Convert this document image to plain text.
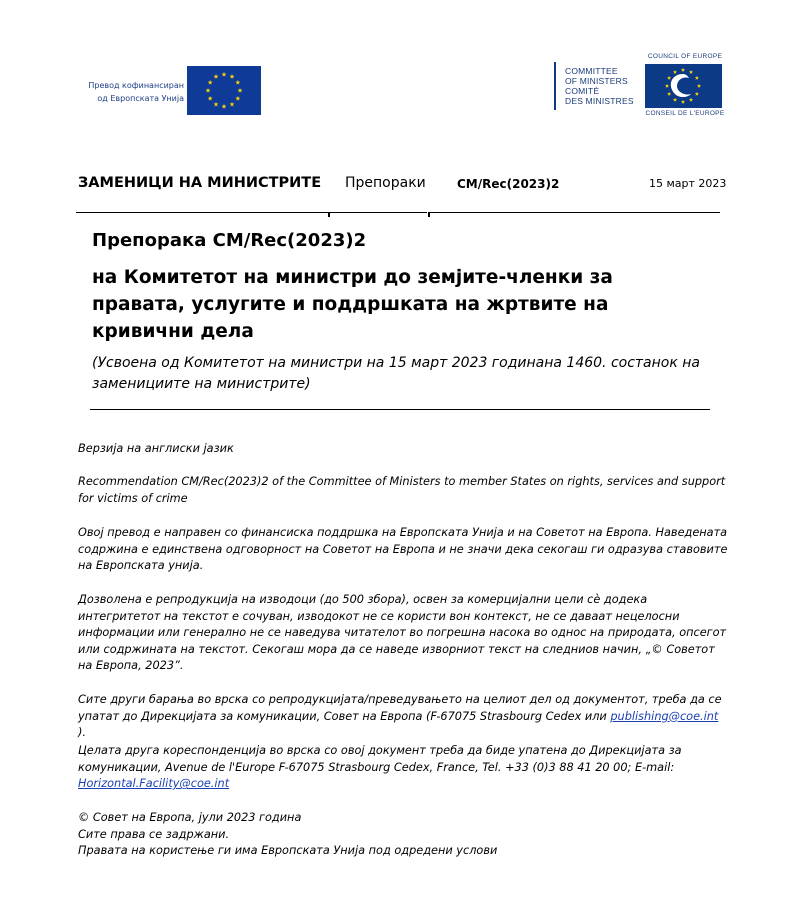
Превод кофинансиран
од Европската Унија
COMMITTEE
OF MINISTERS
COMITÉ
DES MINISTRES
COUNCIL OF EUROPE
CONSEIL DE L'EUROPE
ЗАМЕНИЦИ НА МИНИСТРИТЕ Препораки	CM/Rec(2023)2	15 март 2023
Препорака CM/Rec(2023)2
на Комитетот на министри до земјите-членки за правата, услугите и поддршката на жртвите на кривични дела
(Усвоена од Комитетот на министри на 15 март 2023 годинана 1460. состанок на заменициите на министрите)
Верзија на англиски јазик
Recommendation CM/Rec(2023)2 of the Committee of Ministers to member States on rights, services and support for victims of crime
Овој превод е направен со финансиска поддршка на Европската Унија и на Советот на Европа. Наведената содржина е единствена одговорност на Советот на Европа и не значи дека секогаш ги одразува ставовите на Европската унија.
Дозволена е репродукција на изводоци (до 500 збора), освен за комерцијални цели сè додека интегритетот на текстот е сочуван, изводокот не се користи вон контекст, не се даваат нецелосни информации или генерално не се наведува читателот во погрешна насока во однос на природата, опсегот или содржината на текстот. Секогаш мора да се наведе изворниот текст на следниов начин, „© Советот на Европа, 2023”.
Сите други барања во врска со репродукцијата/преведувањето на целиот дел од документот, треба да се упатат до Дирекцијата за комуникации, Совет на Европа (F-67075 Strasbourg Cedex или publishing@coe.int ).
Целата друга кореспонденција во врска со овој документ треба да биде упатена до Дирекцијата за комуникации, Avenue de l'Europe F-67075 Strasbourg Cedex, France, Tel. +33 (0)3 88 41 20 00; E-mail: Horizontal.Facility@coe.int
© Совет на Европа, јули 2023 година
Сите права се задржани.
Правата на користење ги има Европската Унија под одредени услови
